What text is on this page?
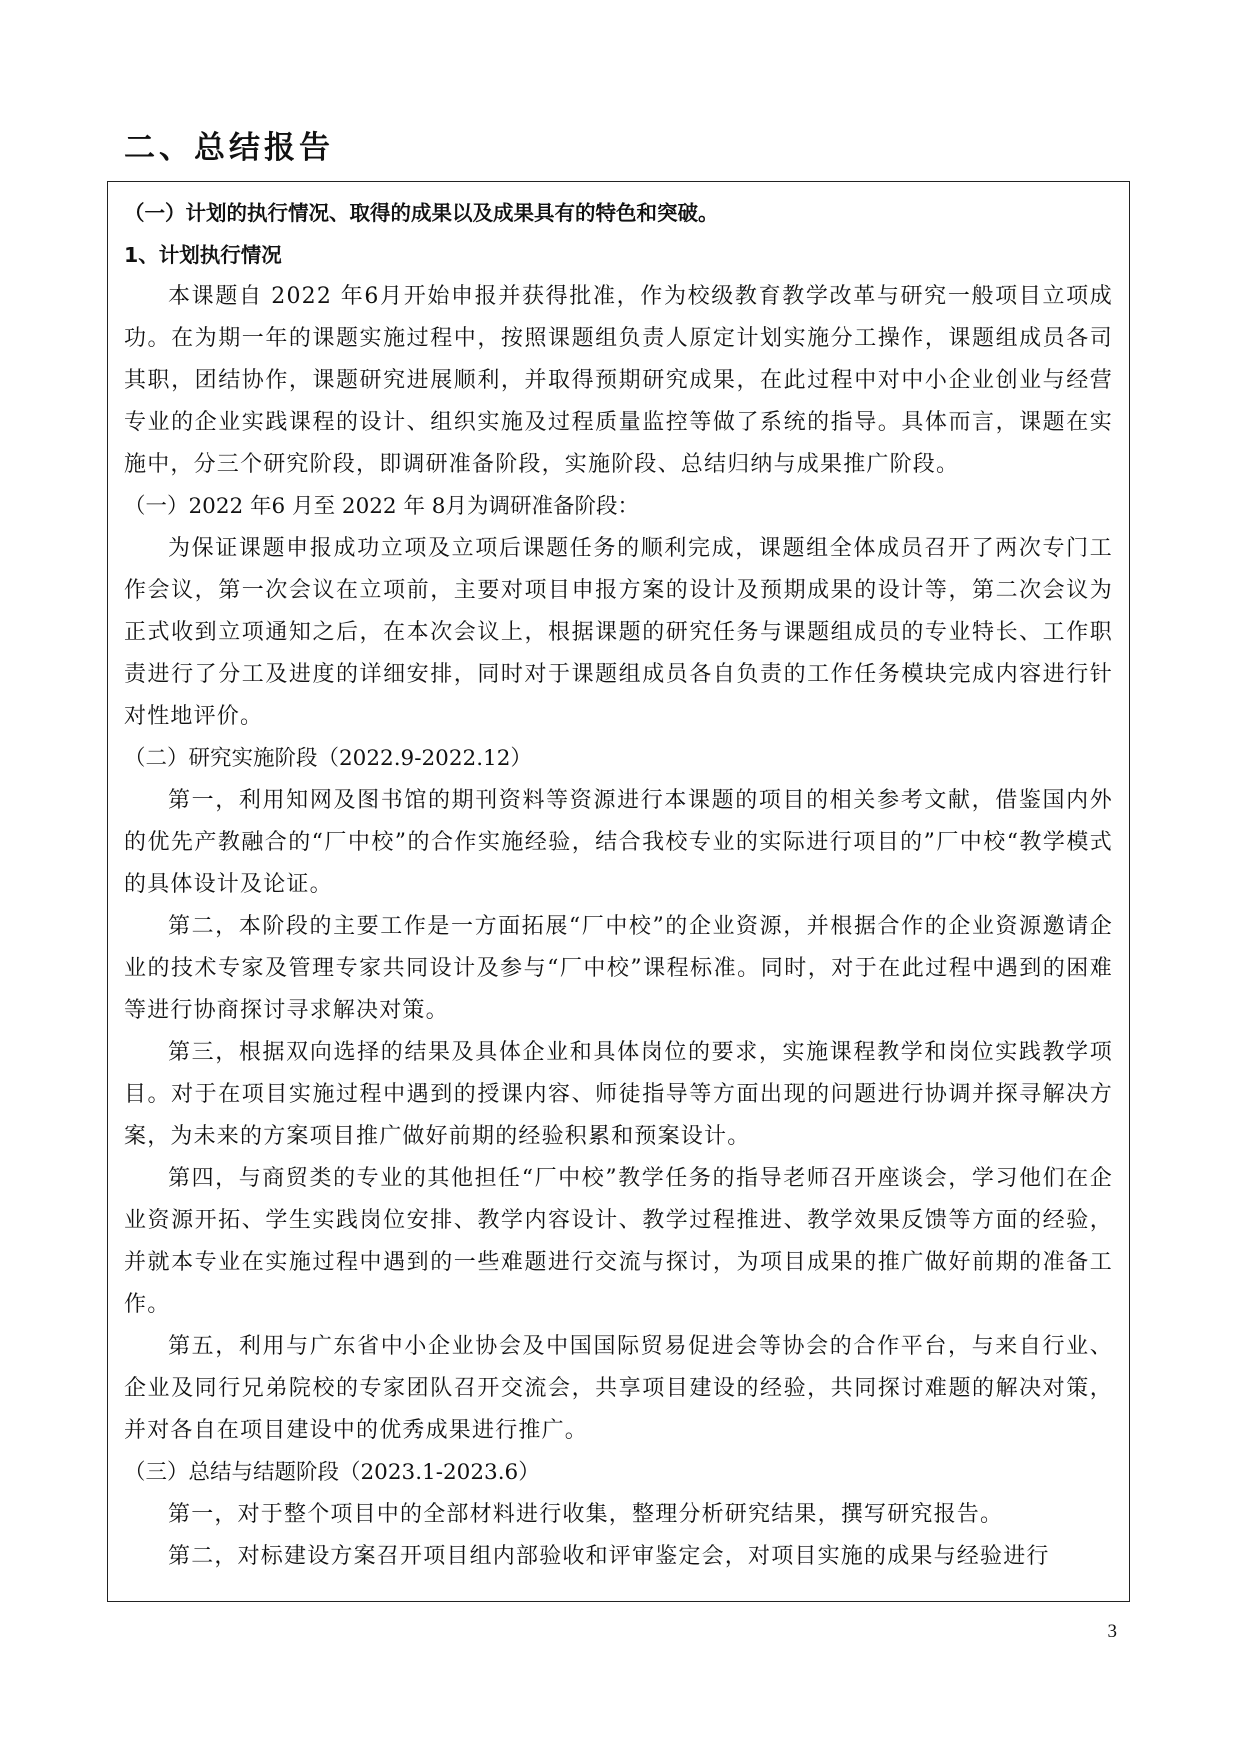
二、总结报告

（一）计划的执行情况、取得的成果以及成果具有的特色和突破。

1、计划执行情况

本课题自 2022 年6月开始申报并获得批准，作为校级教育教学改革与研究一般项目立项成功。在为期一年的课题实施过程中，按照课题组负责人原定计划实施分工操作，课题组成员各司其职，团结协作，课题研究进展顺利，并取得预期研究成果，在此过程中对中小企业创业与经营专业的企业实践课程的设计、组织实施及过程质量监控等做了系统的指导。具体而言，课题在实施中，分三个研究阶段，即调研准备阶段，实施阶段、总结归纳与成果推广阶段。

（一）2022 年6 月至 2022 年 8月为调研准备阶段：

为保证课题申报成功立项及立项后课题任务的顺利完成，课题组全体成员召开了两次专门工作会议，第一次会议在立项前，主要对项目申报方案的设计及预期成果的设计等，第二次会议为正式收到立项通知之后，在本次会议上，根据课题的研究任务与课题组成员的专业特长、工作职责进行了分工及进度的详细安排，同时对于课题组成员各自负责的工作任务模块完成内容进行针对性地评价。

（二）研究实施阶段（2022.9-2022.12）

第一，利用知网及图书馆的期刊资料等资源进行本课题的项目的相关参考文献，借鉴国内外的优先产教融合的“厂中校”的合作实施经验，结合我校专业的实际进行项目的”厂中校“教学模式的具体设计及论证。

第二，本阶段的主要工作是一方面拓展“厂中校”的企业资源，并根据合作的企业资源邀请企业的技术专家及管理专家共同设计及参与“厂中校”课程标准。同时，对于在此过程中遇到的困难等进行协商探讨寻求解决对策。

第三，根据双向选择的结果及具体企业和具体岗位的要求，实施课程教学和岗位实践教学项目。对于在项目实施过程中遇到的授课内容、师徒指导等方面出现的问题进行协调并探寻解决方案，为未来的方案项目推广做好前期的经验积累和预案设计。

第四，与商贸类的专业的其他担任“厂中校”教学任务的指导老师召开座谈会，学习他们在企业资源开拓、学生实践岗位安排、教学内容设计、教学过程推进、教学效果反馈等方面的经验，并就本专业在实施过程中遇到的一些难题进行交流与探讨，为项目成果的推广做好前期的准备工作。

第五，利用与广东省中小企业协会及中国国际贸易促进会等协会的合作平台，与来自行业、企业及同行兄弟院校的专家团队召开交流会，共享项目建设的经验，共同探讨难题的解决对策，并对各自在项目建设中的优秀成果进行推广。

（三）总结与结题阶段（2023.1-2023.6）

第一，对于整个项目中的全部材料进行收集，整理分析研究结果，撰写研究报告。

第二，对标建设方案召开项目组内部验收和评审鉴定会，对项目实施的成果与经验进行

3
